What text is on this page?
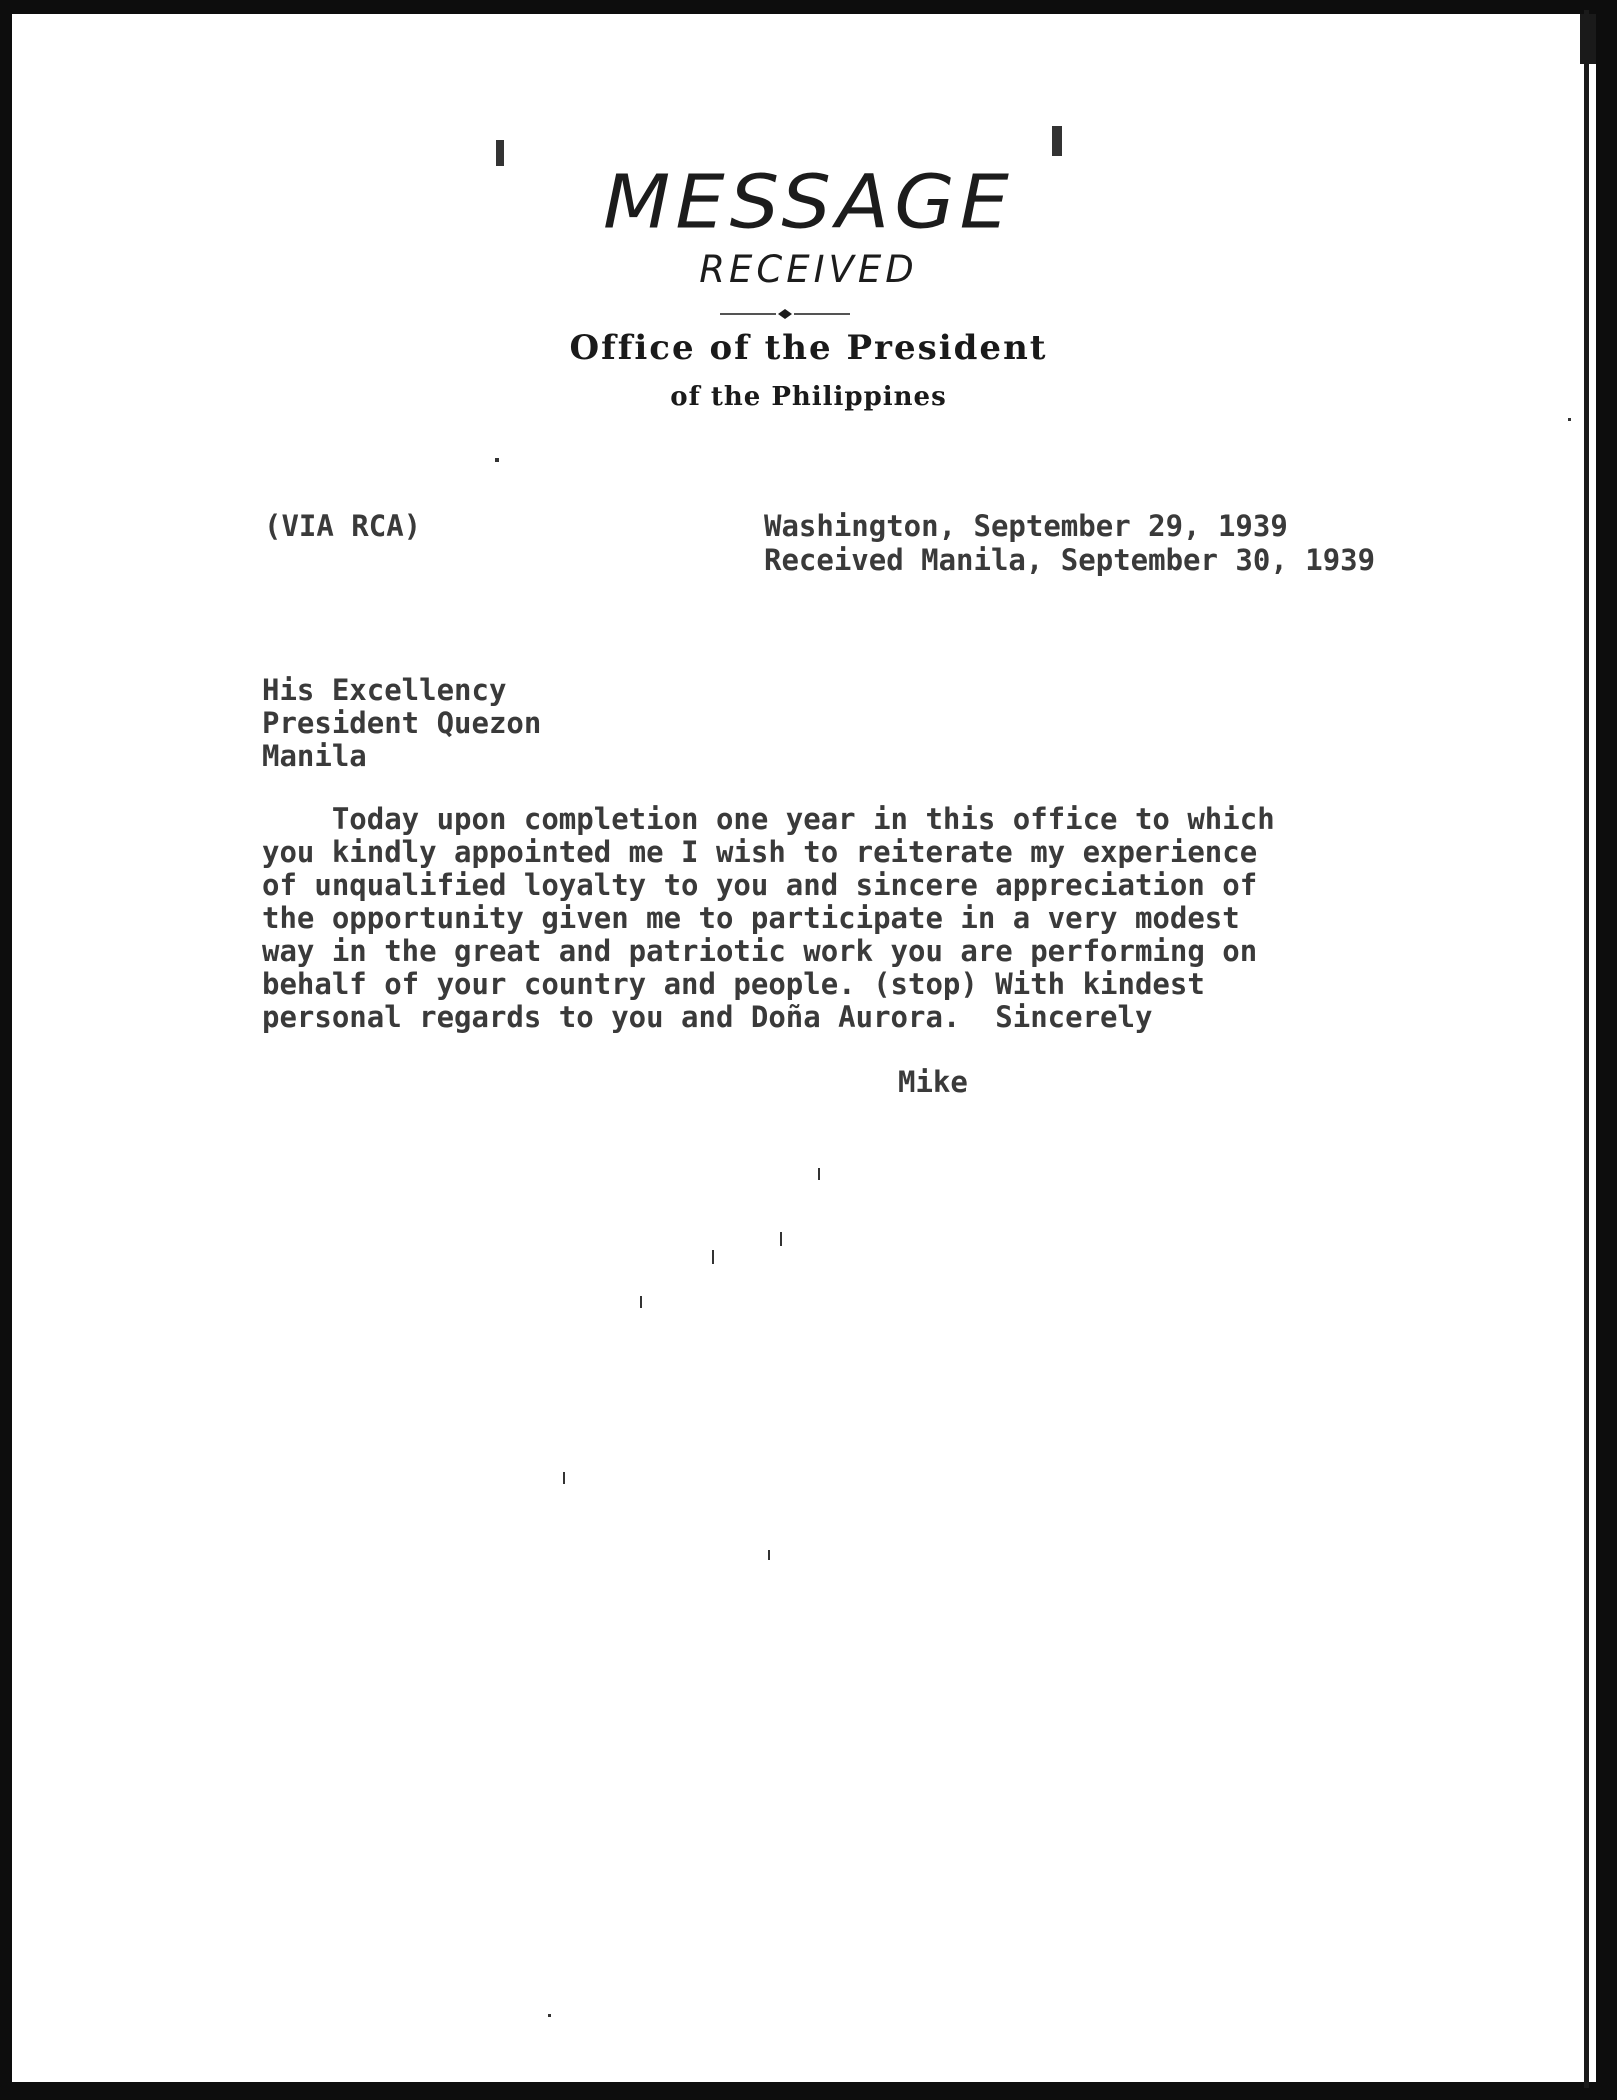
MESSAGE
RECEIVED
Office of the President
of the Philippines
(VIA RCA)	Washington, September 29, 1939
Received Manila, September 30, 1939
His Excellency
President Quezon
Manila
Today upon completion one year in this office to which
you kindly appointed me I wish to reiterate my experience
of unqualified loyalty to you and sincere appreciation of
the opportunity given me to participate in a very modest
way in the great and patriotic work you are performing on
behalf of your country and people. (stop) With kindest
personal regards to you and Doña Aurora.  Sincerely
Mike
